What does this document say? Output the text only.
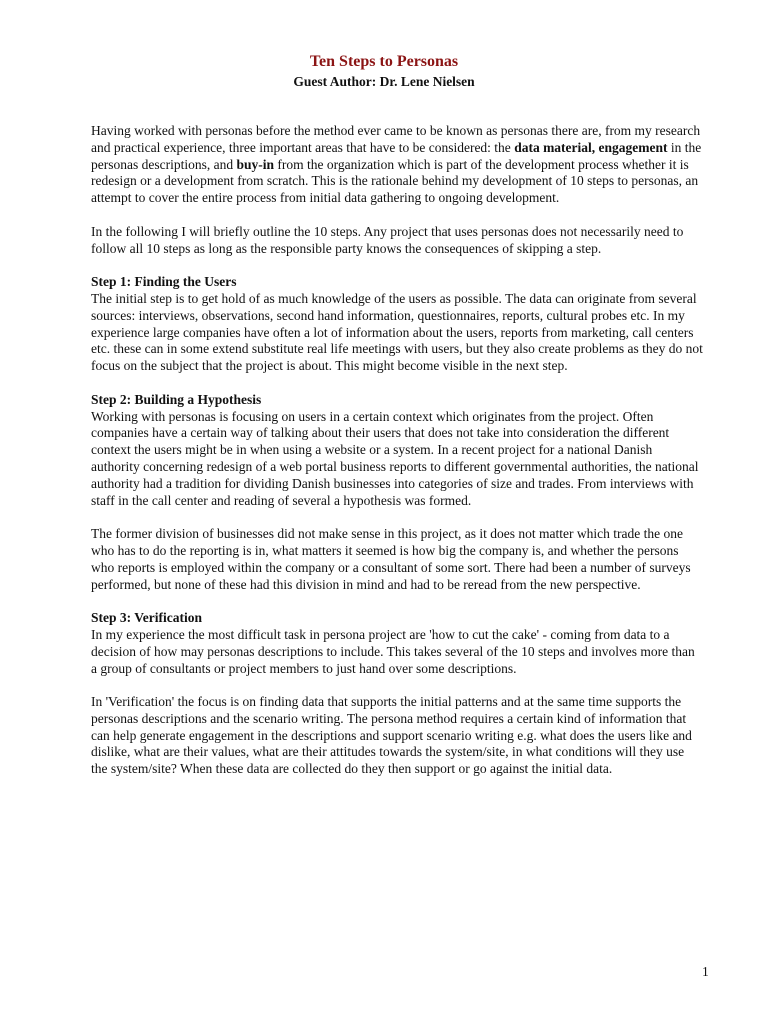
Ten Steps to Personas
Guest Author: Dr. Lene Nielsen

Having worked with personas before the method ever came to be known as personas there are, from my research and practical experience, three important areas that have to be considered: the data material, engagement in the personas descriptions, and buy-in from the organization which is part of the development process whether it is redesign or a development from scratch. This is the rationale behind my development of 10 steps to personas, an attempt to cover the entire process from initial data gathering to ongoing development.

In the following I will briefly outline the 10 steps. Any project that uses personas does not necessarily need to follow all 10 steps as long as the responsible party knows the consequences of skipping a step.

Step 1: Finding the Users

The initial step is to get hold of as much knowledge of the users as possible. The data can originate from several sources: interviews, observations, second hand information, questionnaires, reports, cultural probes etc. In my experience large companies have often a lot of information about the users, reports from marketing, call centers etc. these can in some extend substitute real life meetings with users, but they also create problems as they do not focus on the subject that the project is about. This might become visible in the next step.

Step 2: Building a Hypothesis

Working with personas is focusing on users in a certain context which originates from the project. Often companies have a certain way of talking about their users that does not take into consideration the different context the users might be in when using a website or a system. In a recent project for a national Danish authority concerning redesign of a web portal business reports to different governmental authorities, the national authority had a tradition for dividing Danish businesses into categories of size and trades. From interviews with staff in the call center and reading of several a hypothesis was formed.

The former division of businesses did not make sense in this project, as it does not matter which trade the one who has to do the reporting is in, what matters it seemed is how big the company is, and whether the persons who reports is employed within the company or a consultant of some sort. There had been a number of surveys performed, but none of these had this division in mind and had to be reread from the new perspective.

Step 3: Verification

In my experience the most difficult task in persona project are 'how to cut the cake' - coming from data to a decision of how may personas descriptions to include. This takes several of the 10 steps and involves more than a group of consultants or project members to just hand over some descriptions.

In 'Verification' the focus is on finding data that supports the initial patterns and at the same time supports the personas descriptions and the scenario writing. The persona method requires a certain kind of information that can help generate engagement in the descriptions and support scenario writing e.g. what does the users like and dislike, what are their values, what are their attitudes towards the system/site, in what conditions will they use the system/site? When these data are collected do they then support or go against the initial data.

1
